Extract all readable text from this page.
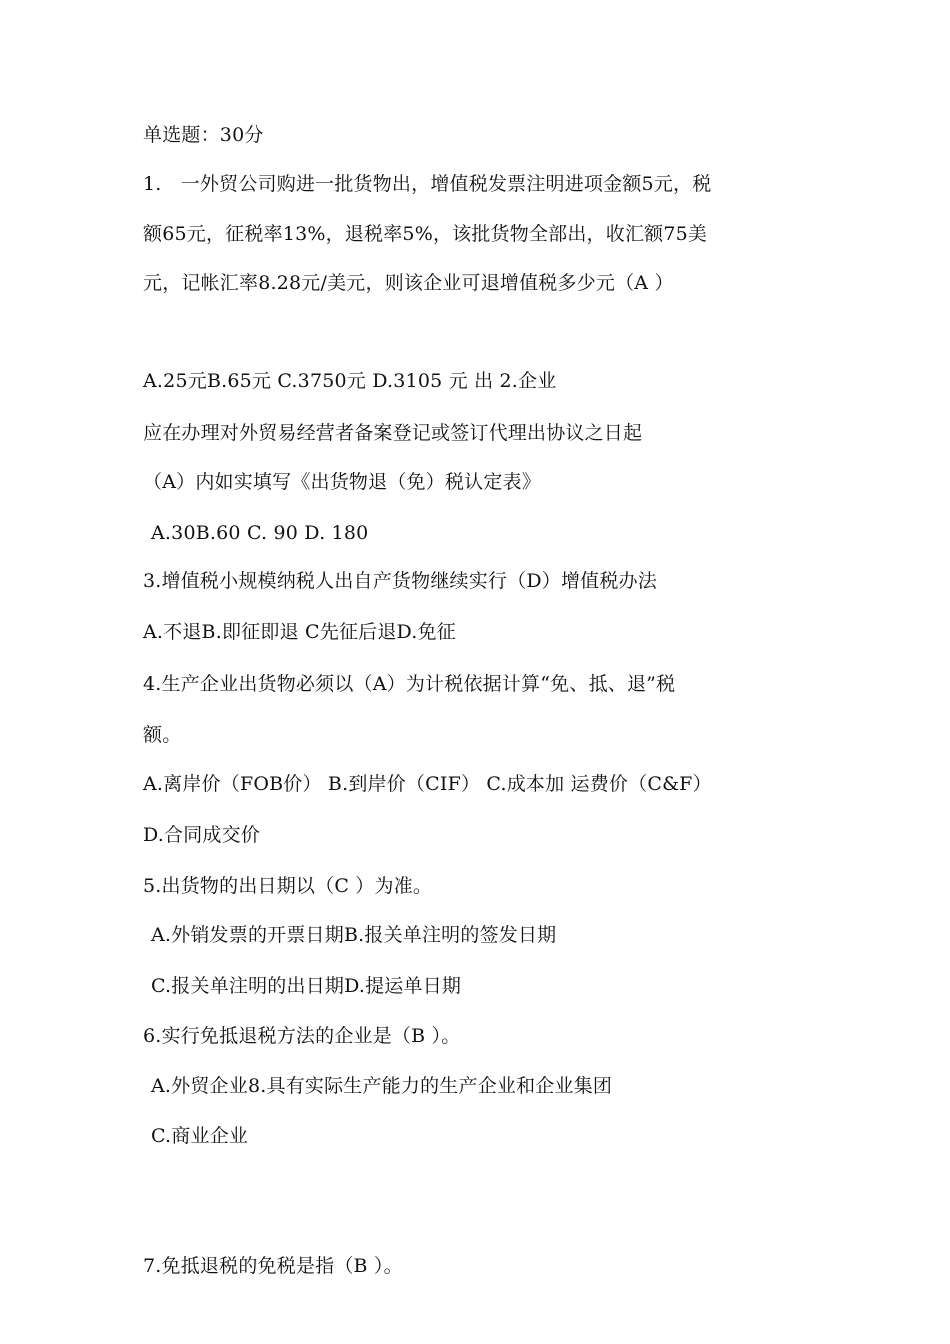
单选题：30分
1.　一外贸公司购进一批货物出，增值税发票注明进项金额5元，税
额65元，征税率13%，退税率5%，该批货物全部出，收汇额75美
元，记帐汇率8.28元/美元，则该企业可退增值税多少元（A ）
A.25元B.65元 C.3750元 D.3105 元 出 2.企业
应在办理对外贸易经营者备案登记或签订代理出协议之日起
（A）内如实填写《出货物退（免）税认定表》
A.30B.60 C. 90 D. 180
3.增值税小规模纳税人出自产货物继续实行（D）增值税办法
A.不退B.即征即退 C先征后退D.免征
4.生产企业出货物必须以（A）为计税依据计算“免、抵、退”税
额。
A.离岸价（FOB价） B.到岸价（CIF） C.成本加 运费价（C&F）
D.合同成交价
5.出货物的出日期以（C ）为准。
A.外销发票的开票日期B.报关单注明的签发日期
C.报关单注明的出日期D.提运单日期
6.实行免抵退税方法的企业是（B ）。
A.外贸企业8.具有实际生产能力的生产企业和企业集团
C.商业企业
7.免抵退税的免税是指（B ）。
